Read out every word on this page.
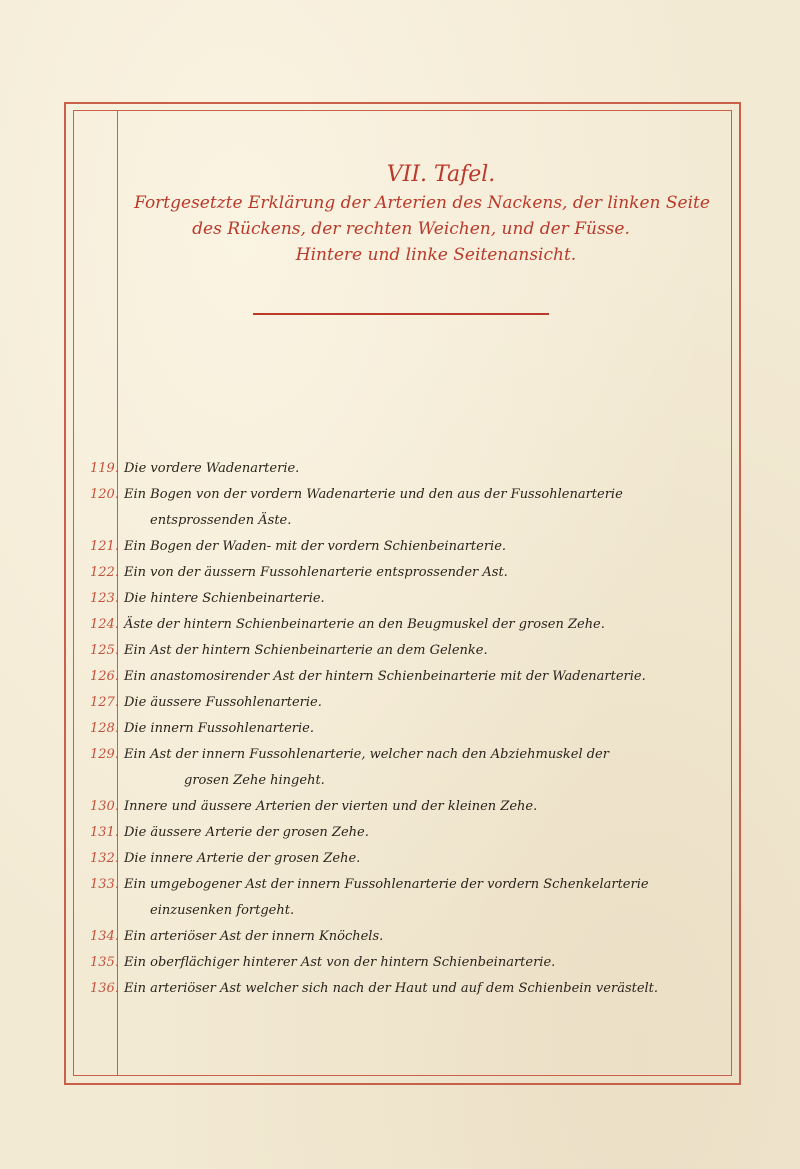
VII. Tafel.
Fortgesetzte Erklärung der Arterien des Nackens, der linken Seite
des Rückens, der rechten Weichen, und der Füsse.
Hintere und linke Seitenansicht.
119. Die vordere Wadenarterie.
120. Ein Bogen von der vordern Wadenarterie und den aus der Fussohlenarterie
entsprossenden Äste.
121. Ein Bogen der Waden- mit der vordern Schienbeinarterie.
122. Ein von der äussern Fussohlenarterie entsprossender Ast.
123. Die hintere Schienbeinarterie.
124. Äste der hintern Schienbeinarterie an den Beugmuskel der grosen Zehe.
125. Ein Ast der hintern Schienbeinarterie an dem Gelenke.
126. Ein anastomosirender Ast der hintern Schienbeinarterie mit der Wadenarterie.
127. Die äussere Fussohlenarterie.
128. Die innern Fussohlenarterie.
129. Ein Ast der innern Fussohlenarterie, welcher nach den Abziehmuskel der
grosen Zehe hingeht.
130. Innere und äussere Arterien der vierten und der kleinen Zehe.
131. Die äussere Arterie der grosen Zehe.
132. Die innere Arterie der grosen Zehe.
133. Ein umgebogener Ast der innern Fussohlenarterie der vordern Schenkelarterie
einzusenken fortgeht.
134. Ein arteriöser Ast der innern Knöchels.
135. Ein oberflächiger hinterer Ast von der hintern Schienbeinarterie.
136. Ein arteriöser Ast welcher sich nach der Haut und auf dem Schienbein verästelt.
